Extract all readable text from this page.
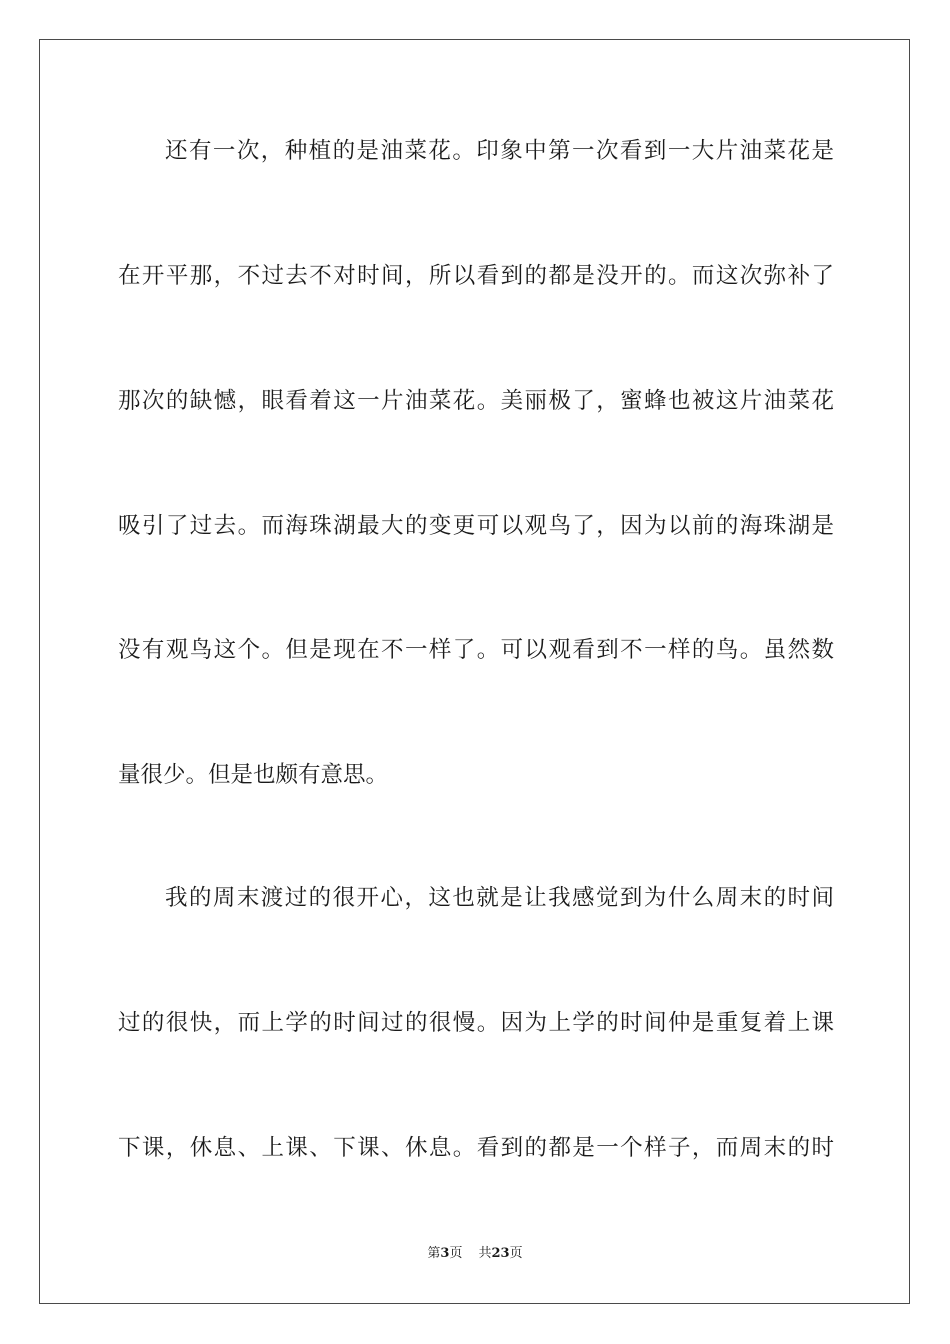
还有一次，种植的是油菜花。印象中第一次看到一大片油菜花是
在开平那，不过去不对时间，所以看到的都是没开的。而这次弥补了
那次的缺憾，眼看着这一片油菜花。美丽极了，蜜蜂也被这片油菜花
吸引了过去。而海珠湖最大的变更可以观鸟了，因为以前的海珠湖是
没有观鸟这个。但是现在不一样了。可以观看到不一样的鸟。虽然数
量很少。但是也颇有意思。
我的周末渡过的很开心，这也就是让我感觉到为什么周末的时间
过的很快，而上学的时间过的很慢。因为上学的时间仲是重复着上课
下课，休息、上课、下课、休息。看到的都是一个样子，而周末的时
第3页 共23页
